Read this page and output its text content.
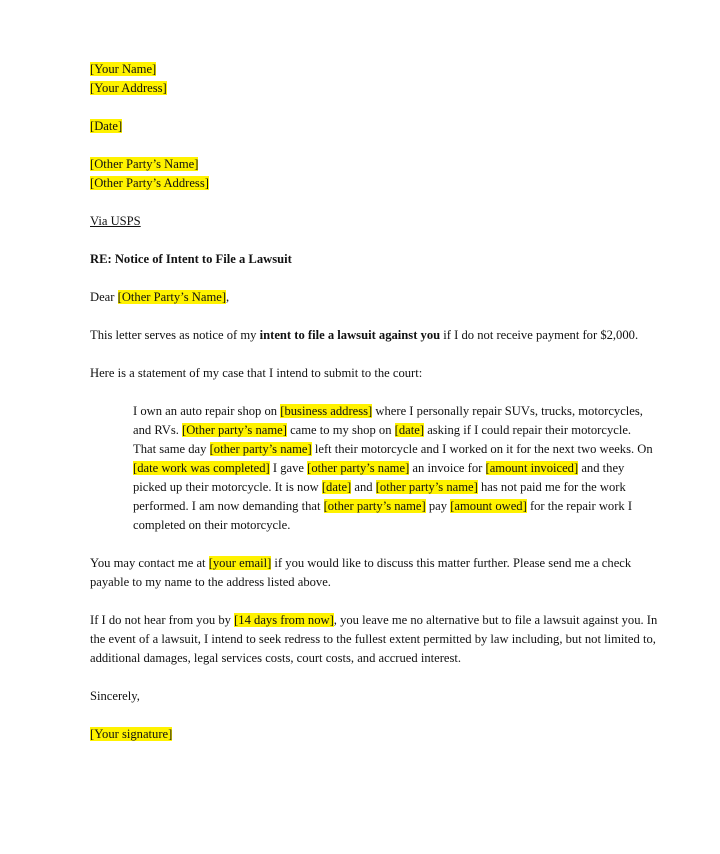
[Your Name]
[Your Address]
[Date]
[Other Party’s Name]
[Other Party’s Address]
Via USPS
RE: Notice of Intent to File a Lawsuit
Dear [Other Party’s Name],

This letter serves as notice of my intent to file a lawsuit against you if I do not receive payment for $2,000.

Here is a statement of my case that I intend to submit to the court:

I own an auto repair shop on [business address] where I personally repair SUVs, trucks, motorcycles, and RVs. [Other party’s name] came to my shop on [date] asking if I could repair their motorcycle. That same day [other party’s name] left their motorcycle and I worked on it for the next two weeks. On [date work was completed] I gave [other party’s name] an invoice for [amount invoiced] and they picked up their motorcycle. It is now [date] and [other party’s name] has not paid me for the work performed. I am now demanding that [other party’s name] pay [amount owed] for the repair work I completed on their motorcycle.

You may contact me at [your email] if you would like to discuss this matter further. Please send me a check payable to my name to the address listed above.

If I do not hear from you by [14 days from now], you leave me no alternative but to file a lawsuit against you. In the event of a lawsuit, I intend to seek redress to the fullest extent permitted by law including, but not limited to, additional damages, legal services costs, court costs, and accrued interest.

Sincerely,

[Your signature]
